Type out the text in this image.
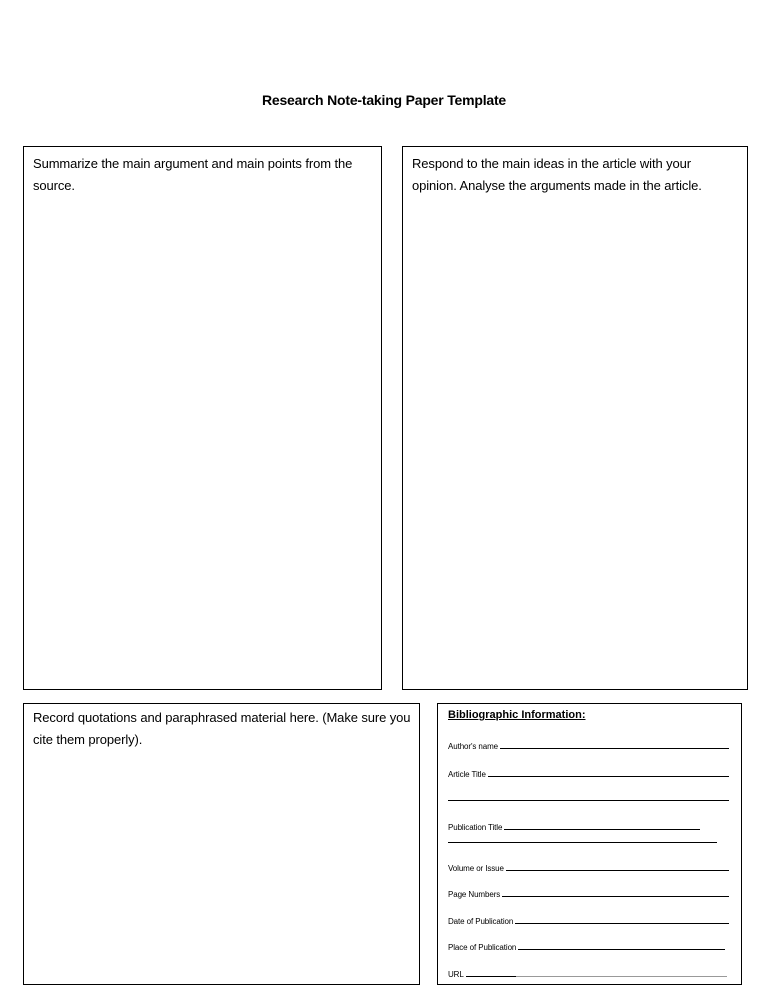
Research Note-taking Paper Template
Summarize the main argument and main points from the source.
Respond to the main ideas in the article with your opinion. Analyse the arguments made in the article.
Record quotations and paraphrased material here. (Make sure you cite them properly).
Bibliographic Information:
Author's name
Article Title
Publication Title
Volume or Issue
Page Numbers
Date of Publication
Place of Publication
URL
